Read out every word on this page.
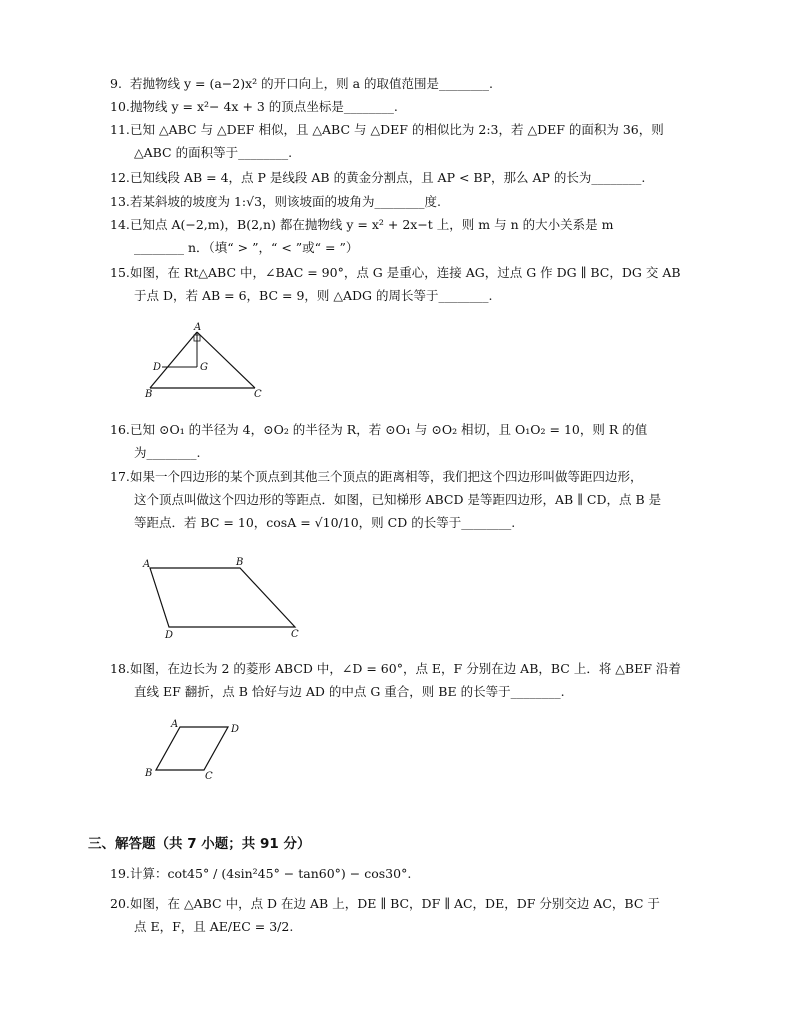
9. 若抛物线 y = (a−2)x² 的开口向上，则 a 的取值范围是________.
10.抛物线 y = x²− 4x + 3 的顶点坐标是________.
11.已知 △ABC 与 △DEF 相似，且 △ABC 与 △DEF 的相似比为 2:3，若 △DEF 的面积为 36，则
△ABC 的面积等于________.
12.已知线段 AB = 4，点 P 是线段 AB 的黄金分割点，且 AP < BP，那么 AP 的长为________.
13.若某斜坡的坡度为 1:√3，则该坡面的坡角为________度.
14.已知点 A(−2,m)，B(2,n) 都在抛物线 y = x² + 2x−t 上，则 m 与 n 的大小关系是 m
________ n．（填“ > ”，“ < ”或“ = ”）
15.如图，在 Rt△ABC 中，∠BAC = 90°，点 G 是重心，连接 AG，过点 G 作 DG ∥ BC，DG 交 AB
于点 D，若 AB = 6，BC = 9，则 △ADG 的周长等于________.
A
B	C
D	G
16.已知 ⊙O₁ 的半径为 4，⊙O₂ 的半径为 R，若 ⊙O₁ 与 ⊙O₂ 相切，且 O₁O₂ = 10，则 R 的值
为________.
17.如果一个四边形的某个顶点到其他三个顶点的距离相等，我们把这个四边形叫做等距四边形，
这个顶点叫做这个四边形的等距点．如图，已知梯形 ABCD 是等距四边形，AB ∥ CD，点 B 是
等距点．若 BC = 10，cosA = √10/10，则 CD 的长等于________.
A	B
C
D
18.如图，在边长为 2 的菱形 ABCD 中，∠D = 60°，点 E，F 分别在边 AB，BC 上．将 △BEF 沿着
直线 EF 翻折，点 B 恰好与边 AD 的中点 G 重合，则 BE 的长等于________.
A	D
B	C
三、解答题（共 7 小题；共 91 分）
19.计算：cot45° / (4sin²45° − tan60°) − cos30°.
20.如图，在 △ABC 中，点 D 在边 AB 上，DE ∥ BC，DF ∥ AC，DE，DF 分别交边 AC，BC 于
点 E，F，且 AE/EC = 3/2.
